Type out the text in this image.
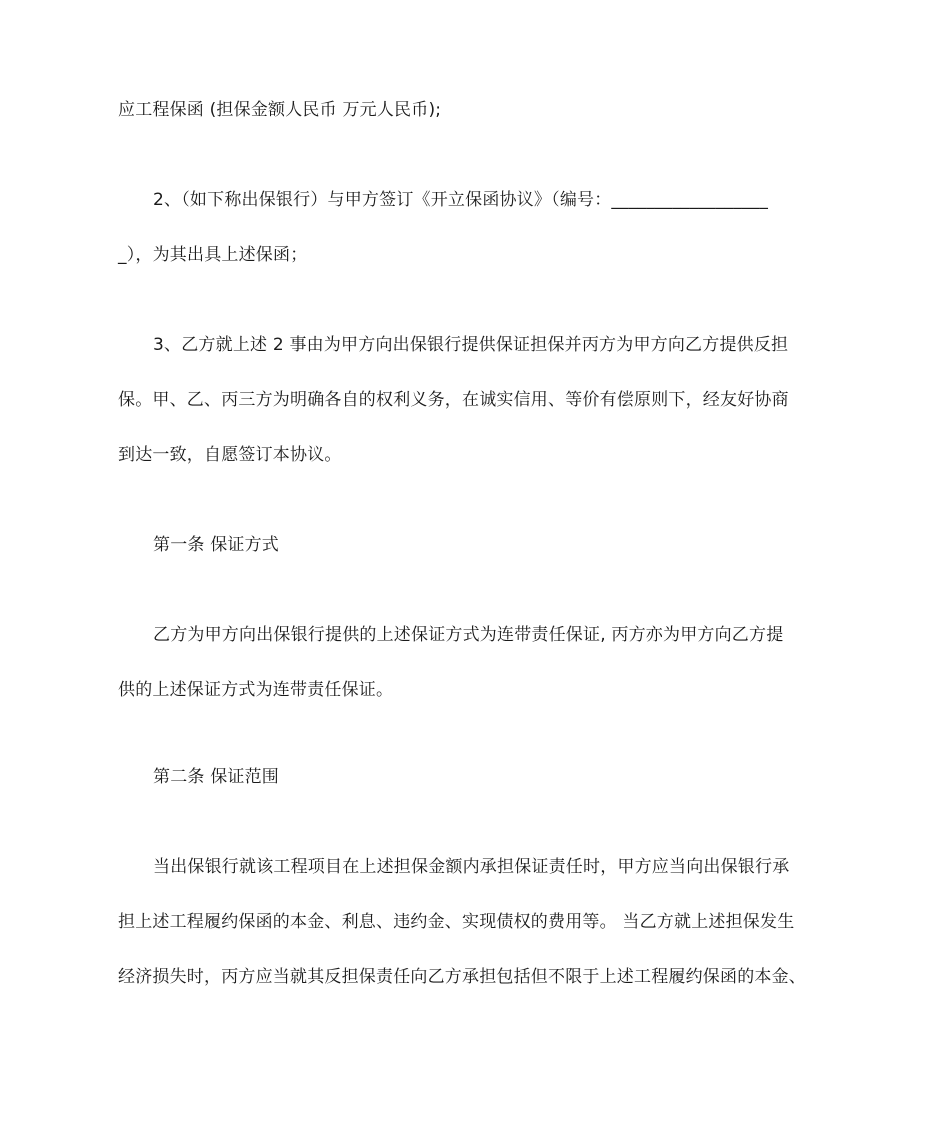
应工程保函 (担保金额人民币 万元人民币);
2、（如下称出保银行）与甲方签订《开立保函协议》（编号：__________________
_），为其出具上述保函；
3、乙方就上述 2 事由为甲方向出保银行提供保证担保并丙方为甲方向乙方提供反担
保。甲、乙、丙三方为明确各自的权利义务，在诚实信用、等价有偿原则下，经友好协商
到达一致，自愿签订本协议。
第一条 保证方式
乙方为甲方向出保银行提供的上述保证方式为连带责任保证, 丙方亦为甲方向乙方提
供的上述保证方式为连带责任保证。
第二条 保证范围
当出保银行就该工程项目在上述担保金额内承担保证责任时，甲方应当向出保银行承
担上述工程履约保函的本金、利息、违约金、实现债权的费用等。 当乙方就上述担保发生
经济损失时，丙方应当就其反担保责任向乙方承担包括但不限于上述工程履约保函的本金、
